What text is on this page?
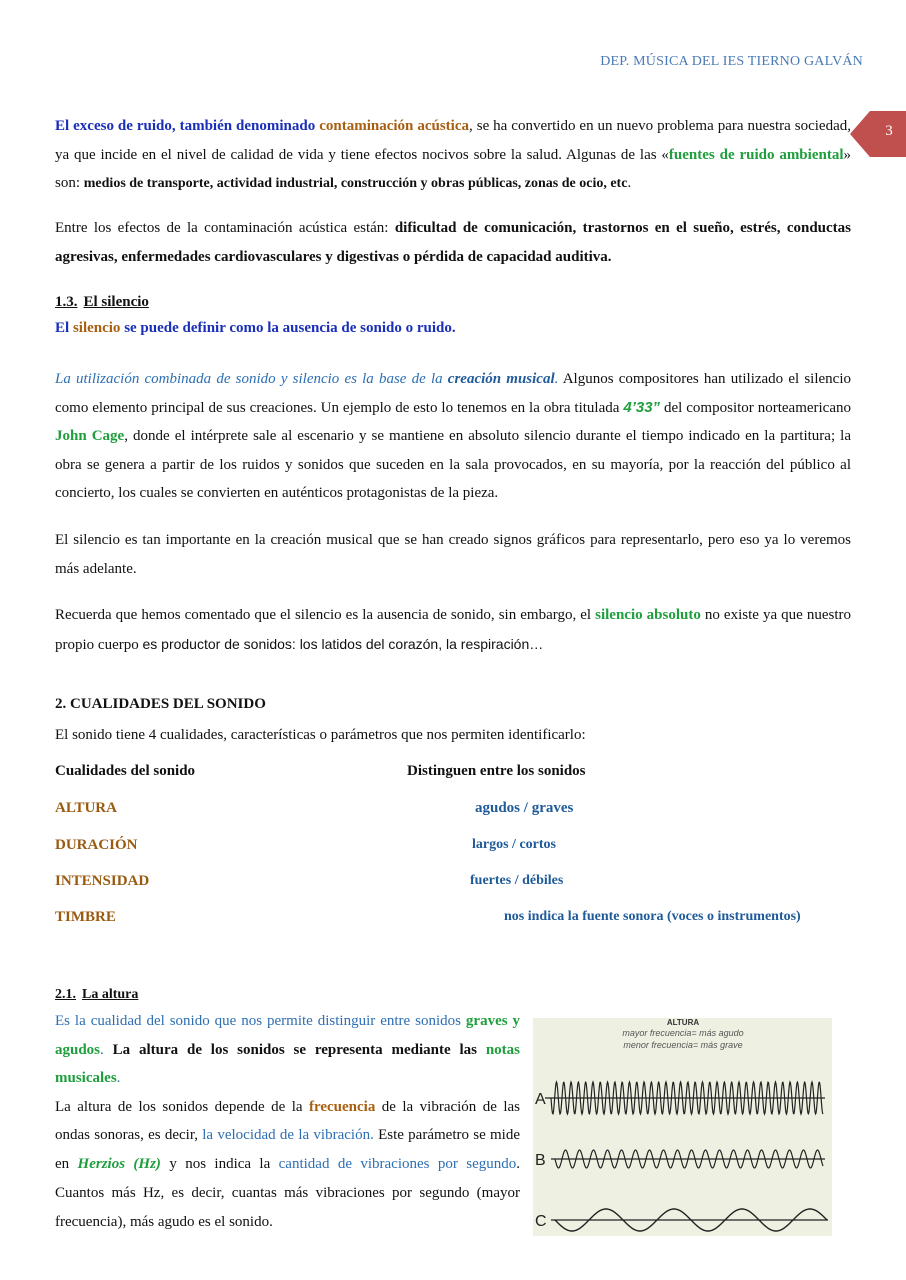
DEP. MÚSICA DEL IES TIERNO GALVÁN
3

El exceso de ruido, también denominado contaminación acústica, se ha convertido en un nuevo problema para nuestra sociedad, ya que incide en el nivel de calidad de vida y tiene efectos nocivos sobre la salud. Algunas de las «fuentes de ruido ambiental» son: medios de transporte, actividad industrial, construcción y obras públicas, zonas de ocio, etc.

Entre los efectos de la contaminación acústica están: dificultad de comunicación, trastornos en el sueño, estrés, conductas agresivas, enfermedades cardiovasculares y digestivas o pérdida de capacidad auditiva.

1.3. El silencio

El silencio se puede definir como la ausencia de sonido o ruido.

La utilización combinada de sonido y silencio es la base de la creación musical. Algunos compositores han utilizado el silencio como elemento principal de sus creaciones. Un ejemplo de esto lo tenemos en la obra titulada 4’33” del compositor norteamericano John Cage, donde el intérprete sale al escenario y se mantiene en absoluto silencio durante el tiempo indicado en la partitura; la obra se genera a partir de los ruidos y sonidos que suceden en la sala provocados, en su mayoría, por la reacción del público al concierto, los cuales se convierten en auténticos protagonistas de la pieza.

El silencio es tan importante en la creación musical que se han creado signos gráficos para representarlo, pero eso ya lo veremos más adelante.

Recuerda que hemos comentado que el silencio es la ausencia de sonido, sin embargo, el silencio absoluto no existe ya que nuestro propio cuerpo es productor de sonidos: los latidos del corazón, la respiración…

2. CUALIDADES DEL SONIDO

El sonido tiene 4 cualidades, características o parámetros que nos permiten identificarlo:

Cualidades del sonido	Distinguen entre los sonidos
ALTURA	agudos / graves
DURACIÓN	largos / cortos
INTENSIDAD	fuertes / débiles
TIMBRE	nos indica la fuente sonora (voces o instrumentos)
2.1. La altura

Es la cualidad del sonido que nos permite distinguir entre sonidos graves y agudos. La altura de los sonidos se representa mediante las notas musicales.

La altura de los sonidos depende de la frecuencia de la vibración de las ondas sonoras, es decir, la velocidad de la vibración. Este parámetro se mide en Herzios (Hz) y nos indica la cantidad de vibraciones por segundo. Cuantos más Hz, es decir, cuantas más vibraciones por segundo (mayor frecuencia), más agudo es el sonido.

ALTURA
mayor frecuencia= más agudo
menor frecuencia= más grave
A
B
C
